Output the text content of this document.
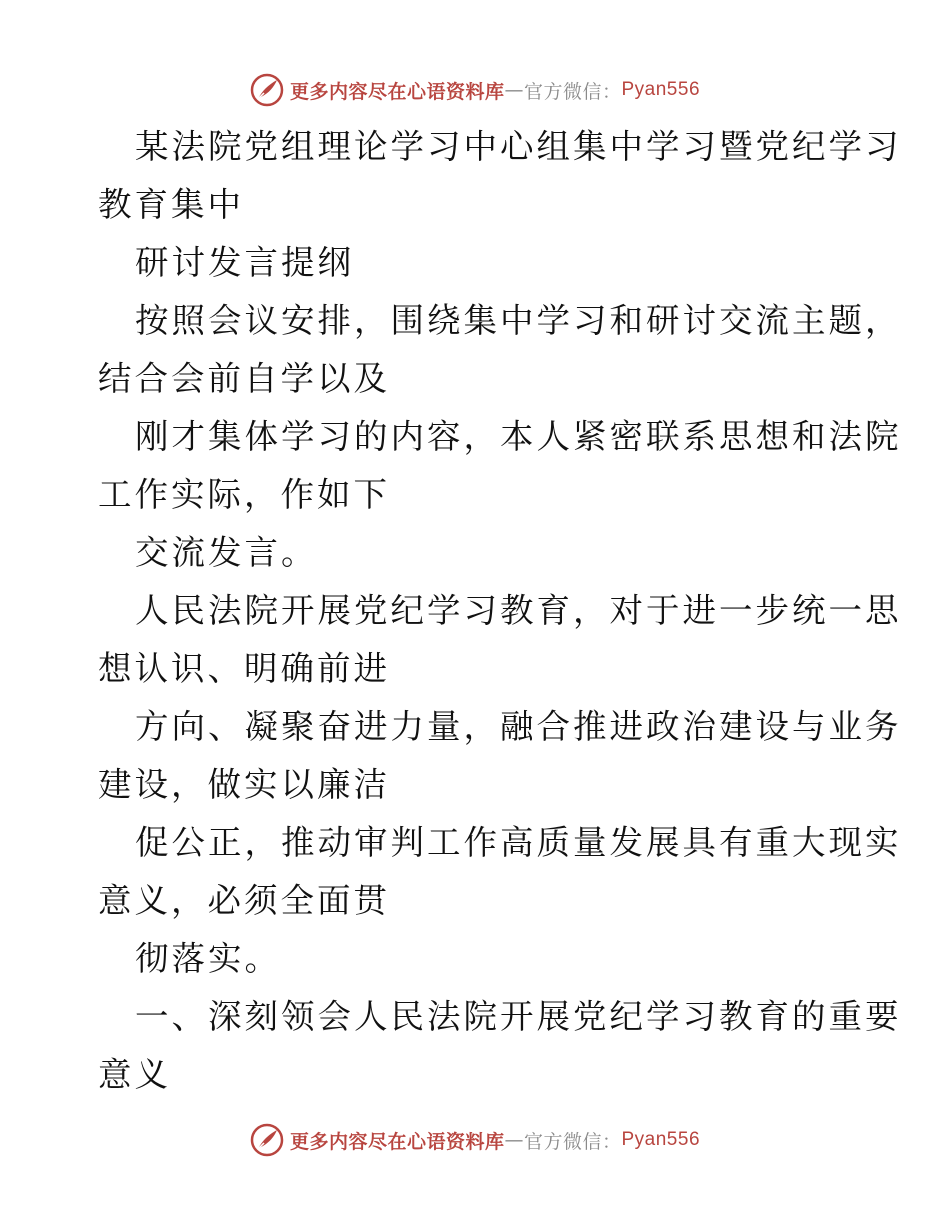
更多内容尽在心语资料库 — 官方微信： Pyan556
某法院党组理论学习中心组集中学习暨党纪学习
教育集中
研讨发言提纲
按照会议安排，围绕集中学习和研讨交流主题，
结合会前自学以及
刚才集体学习的内容，本人紧密联系思想和法院
工作实际，作如下
交流发言。
人民法院开展党纪学习教育，对于进一步统一思
想认识、明确前进
方向、凝聚奋进力量，融合推进政治建设与业务
建设，做实以廉洁
促公正，推动审判工作高质量发展具有重大现实
意义，必须全面贯
彻落实。
一、深刻领会人民法院开展党纪学习教育的重要
意义
更多内容尽在心语资料库 — 官方微信： Pyan556
